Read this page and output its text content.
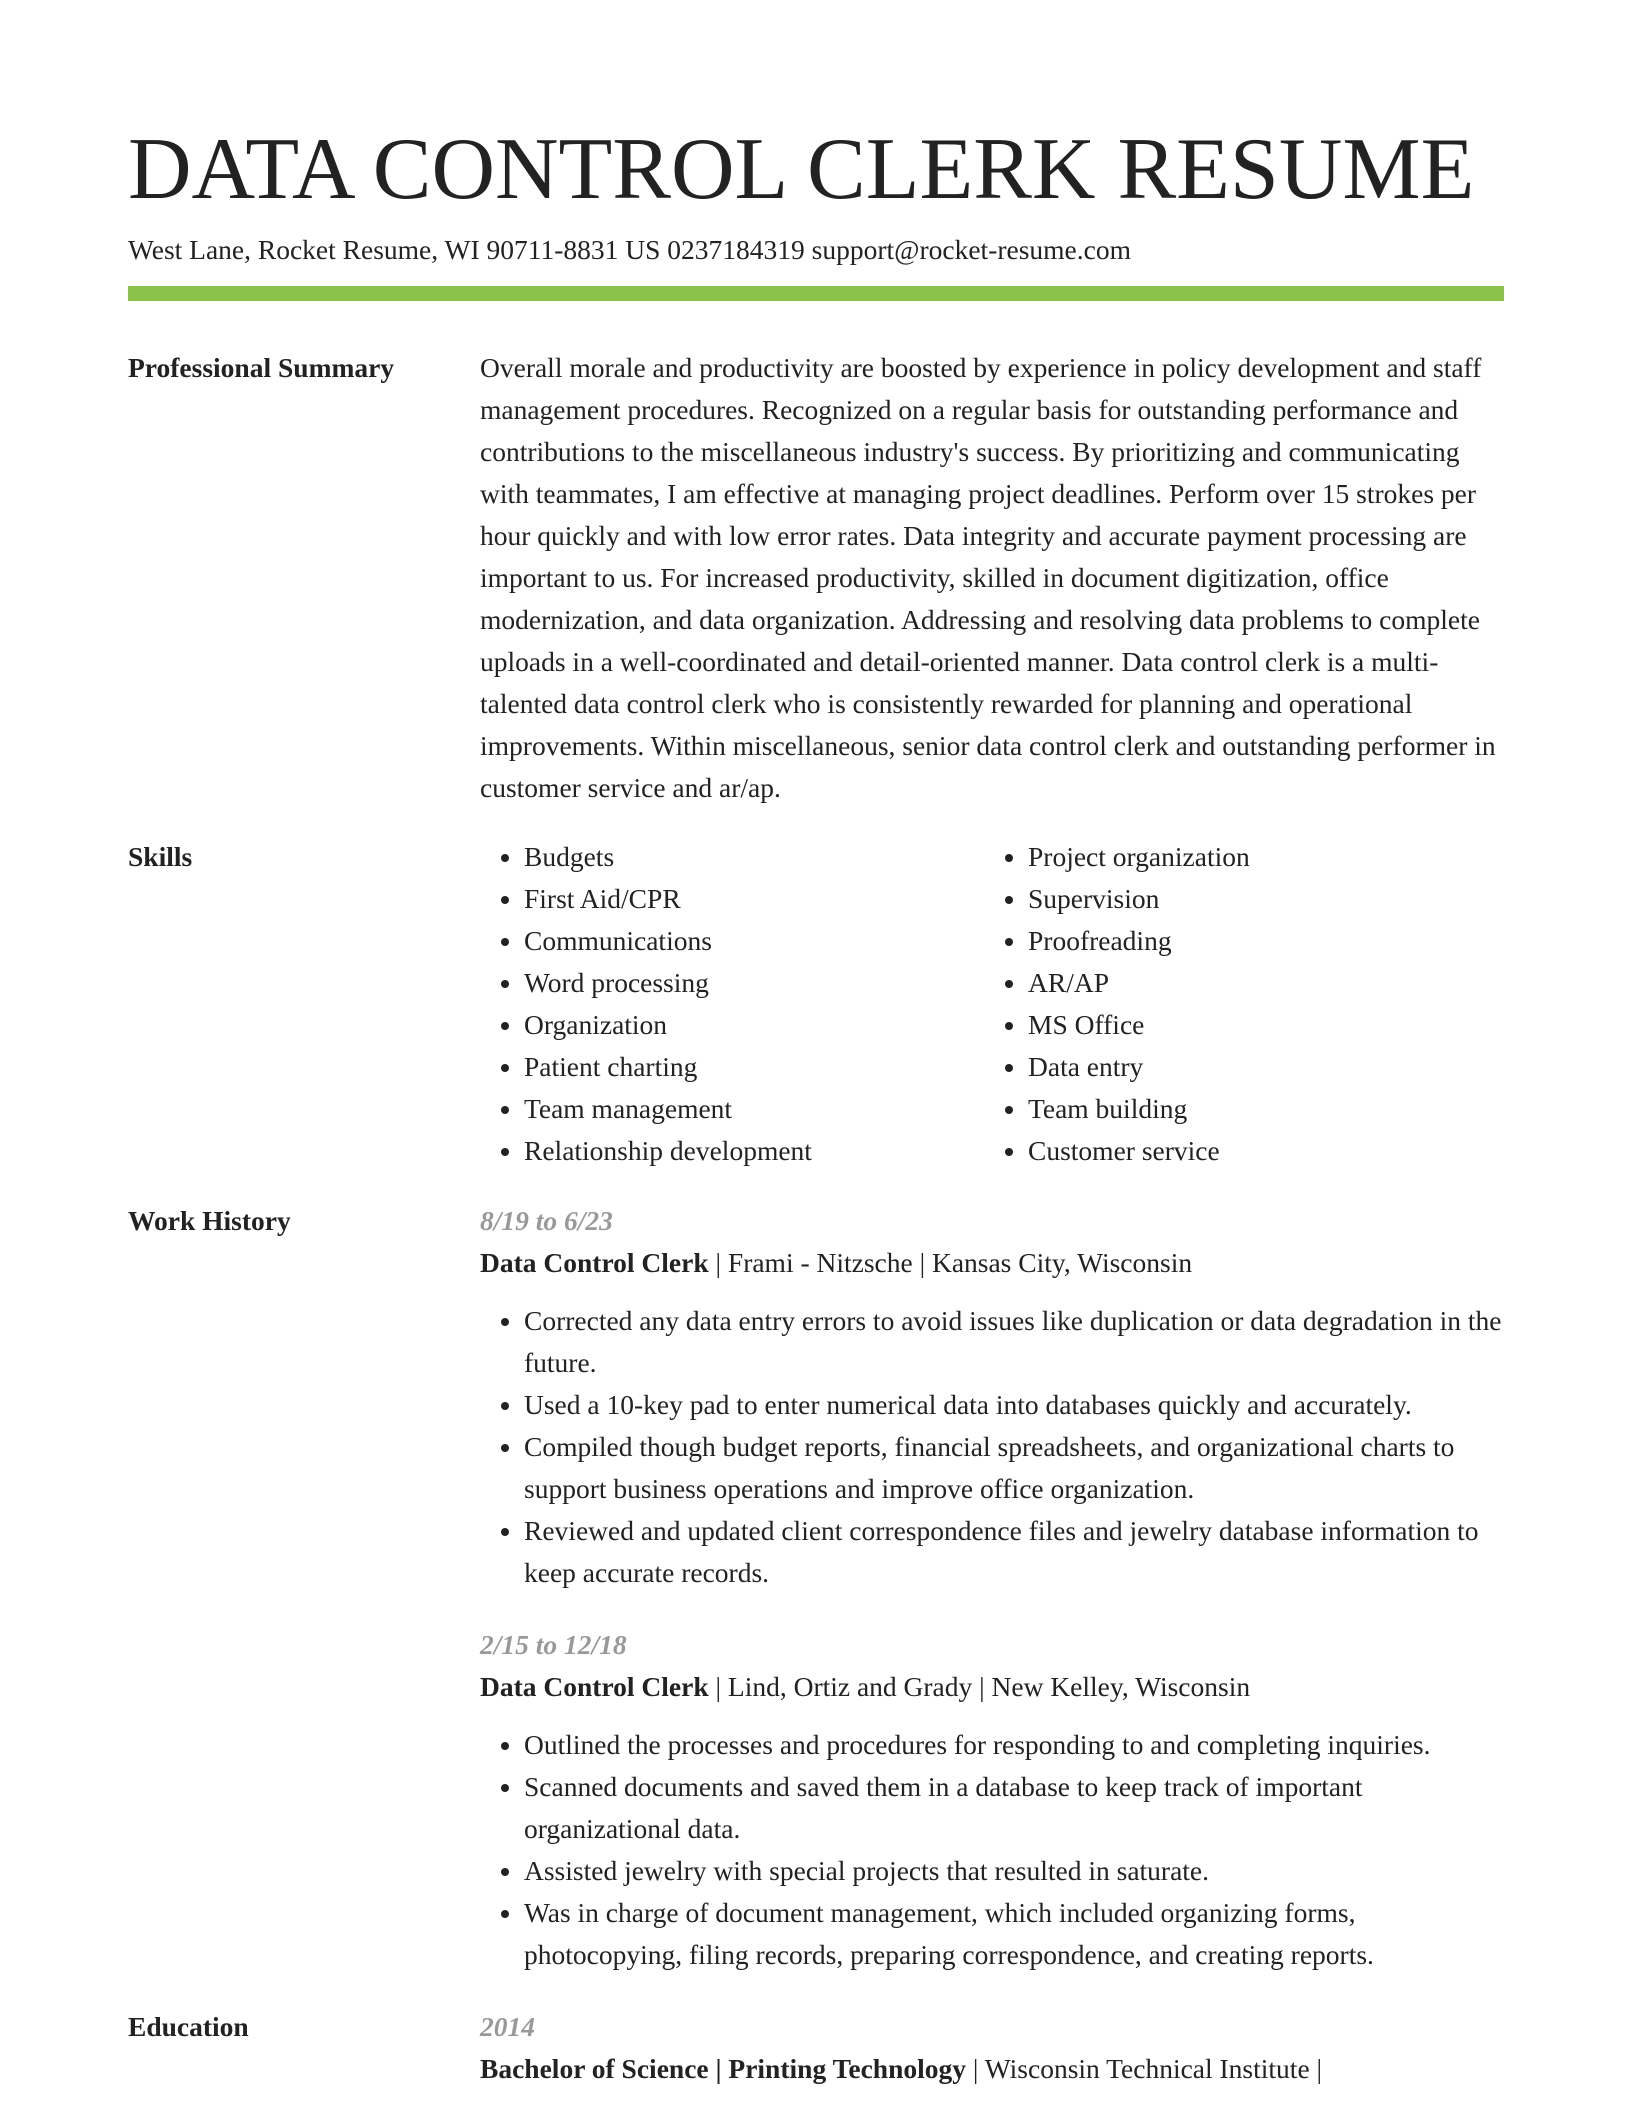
DATA CONTROL CLERK RESUME
West Lane, Rocket Resume, WI 90711-8831 US 0237184319 support@rocket-resume.com
Professional Summary	Overall morale and productivity are boosted by experience in policy development and staff management procedures. Recognized on a regular basis for outstanding performance and contributions to the miscellaneous industry's success. By prioritizing and communicating with teammates, I am effective at managing project deadlines. Perform over 15 strokes per hour quickly and with low error rates. Data integrity and accurate payment processing are important to us. For increased productivity, skilled in document digitization, office modernization, and data organization. Addressing and resolving data problems to complete uploads in a well-coordinated and detail-oriented manner. Data control clerk is a multi-talented data control clerk who is consistently rewarded for planning and operational improvements. Within miscellaneous, senior data control clerk and outstanding performer in customer service and ar/ap.

Skills
•	Budgets
• First Aid/CPR
• Communications
• Word processing
• Organization
• Patient charting
• Team management
• Relationship development
• Project organization
• Supervision
• Proofreading
• AR/AP
• MS Office
• Data entry
• Team building
• Customer service
Work History	8/19 to 6/23
Data Control Clerk | Frami - Nitzsche | Kansas City, Wisconsin
• Corrected any data entry errors to avoid issues like duplication or data degradation in the future.
• Used a 10-key pad to enter numerical data into databases quickly and accurately.
• Compiled though budget reports, financial spreadsheets, and organizational charts to support business operations and improve office organization.
• Reviewed and updated client correspondence files and jewelry database information to keep accurate records.
2/15 to 12/18
Data Control Clerk | Lind, Ortiz and Grady | New Kelley, Wisconsin
• Outlined the processes and procedures for responding to and completing inquiries.
• Scanned documents and saved them in a database to keep track of important organizational data.
• Assisted jewelry with special projects that resulted in saturate.
• Was in charge of document management, which included organizing forms, photocopying, filing records, preparing correspondence, and creating reports.
Education	2014
Bachelor of Science | Printing Technology | Wisconsin Technical Institute |
